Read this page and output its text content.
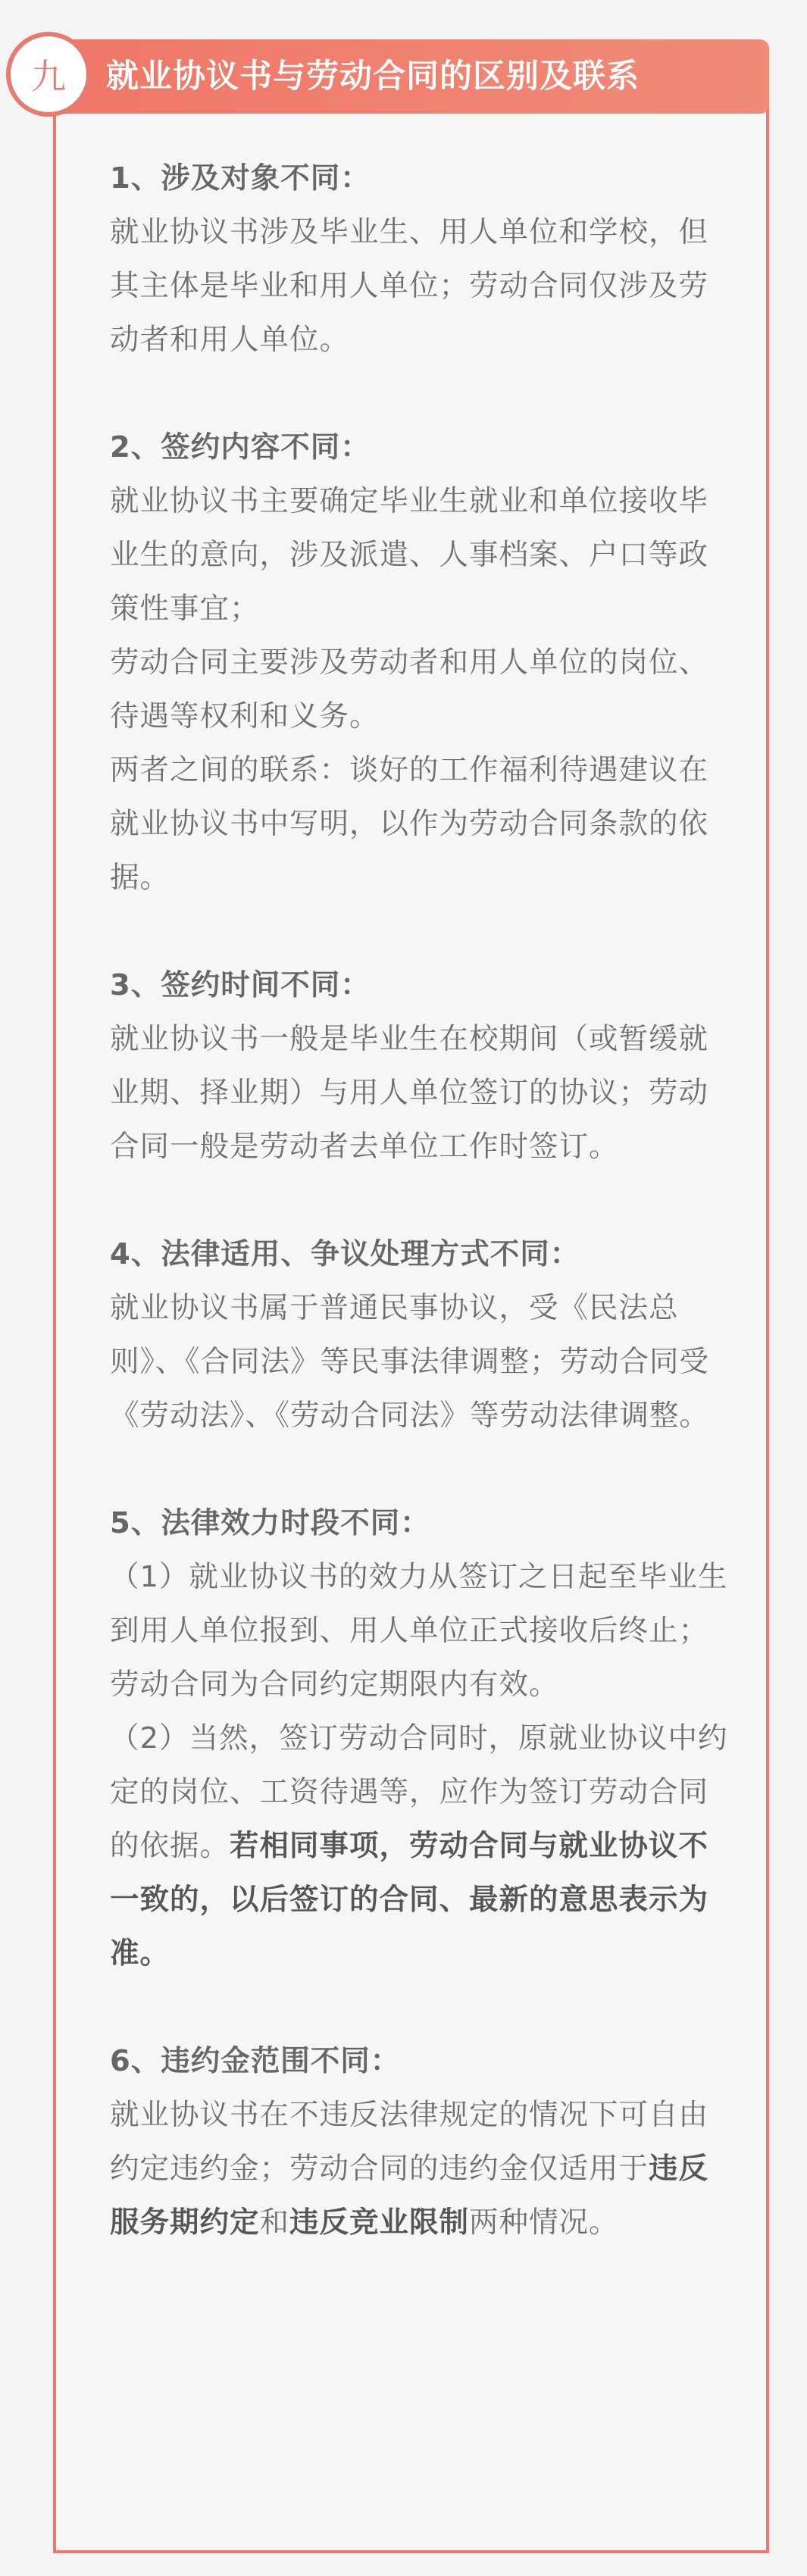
九	就业协议书与劳动合同的区别及联系
1、涉及对象不同：

就业协议书涉及毕业生、用人单位和学校，但其主体是毕业和用人单位；劳动合同仅涉及劳动者和用人单位。

2、签约内容不同：

就业协议书主要确定毕业生就业和单位接收毕业生的意向，涉及派遣、人事档案、户口等政策性事宜；

劳动合同主要涉及劳动者和用人单位的岗位、待遇等权利和义务。

两者之间的联系：谈好的工作福利待遇建议在就业协议书中写明，以作为劳动合同条款的依据。

3、签约时间不同：

就业协议书一般是毕业生在校期间（或暂缓就业期、择业期）与用人单位签订的协议；劳动合同一般是劳动者去单位工作时签订。

4、法律适用、争议处理方式不同：

就业协议书属于普通民事协议，受《民法总则》、《合同法》等民事法律调整；劳动合同受《劳动法》、《劳动合同法》等劳动法律调整。

5、法律效力时段不同：

（1）就业协议书的效力从签订之日起至毕业生到用人单位报到、用人单位正式接收后终止；劳动合同为合同约定期限内有效。

（2）当然，签订劳动合同时，原就业协议中约定的岗位、工资待遇等，应作为签订劳动合同的依据。若相同事项，劳动合同与就业协议不一致的，以后签订的合同、最新的意思表示为准。

6、违约金范围不同：

就业协议书在不违反法律规定的情况下可自由约定违约金；劳动合同的违约金仅适用于违反服务期约定和违反竞业限制两种情况。
